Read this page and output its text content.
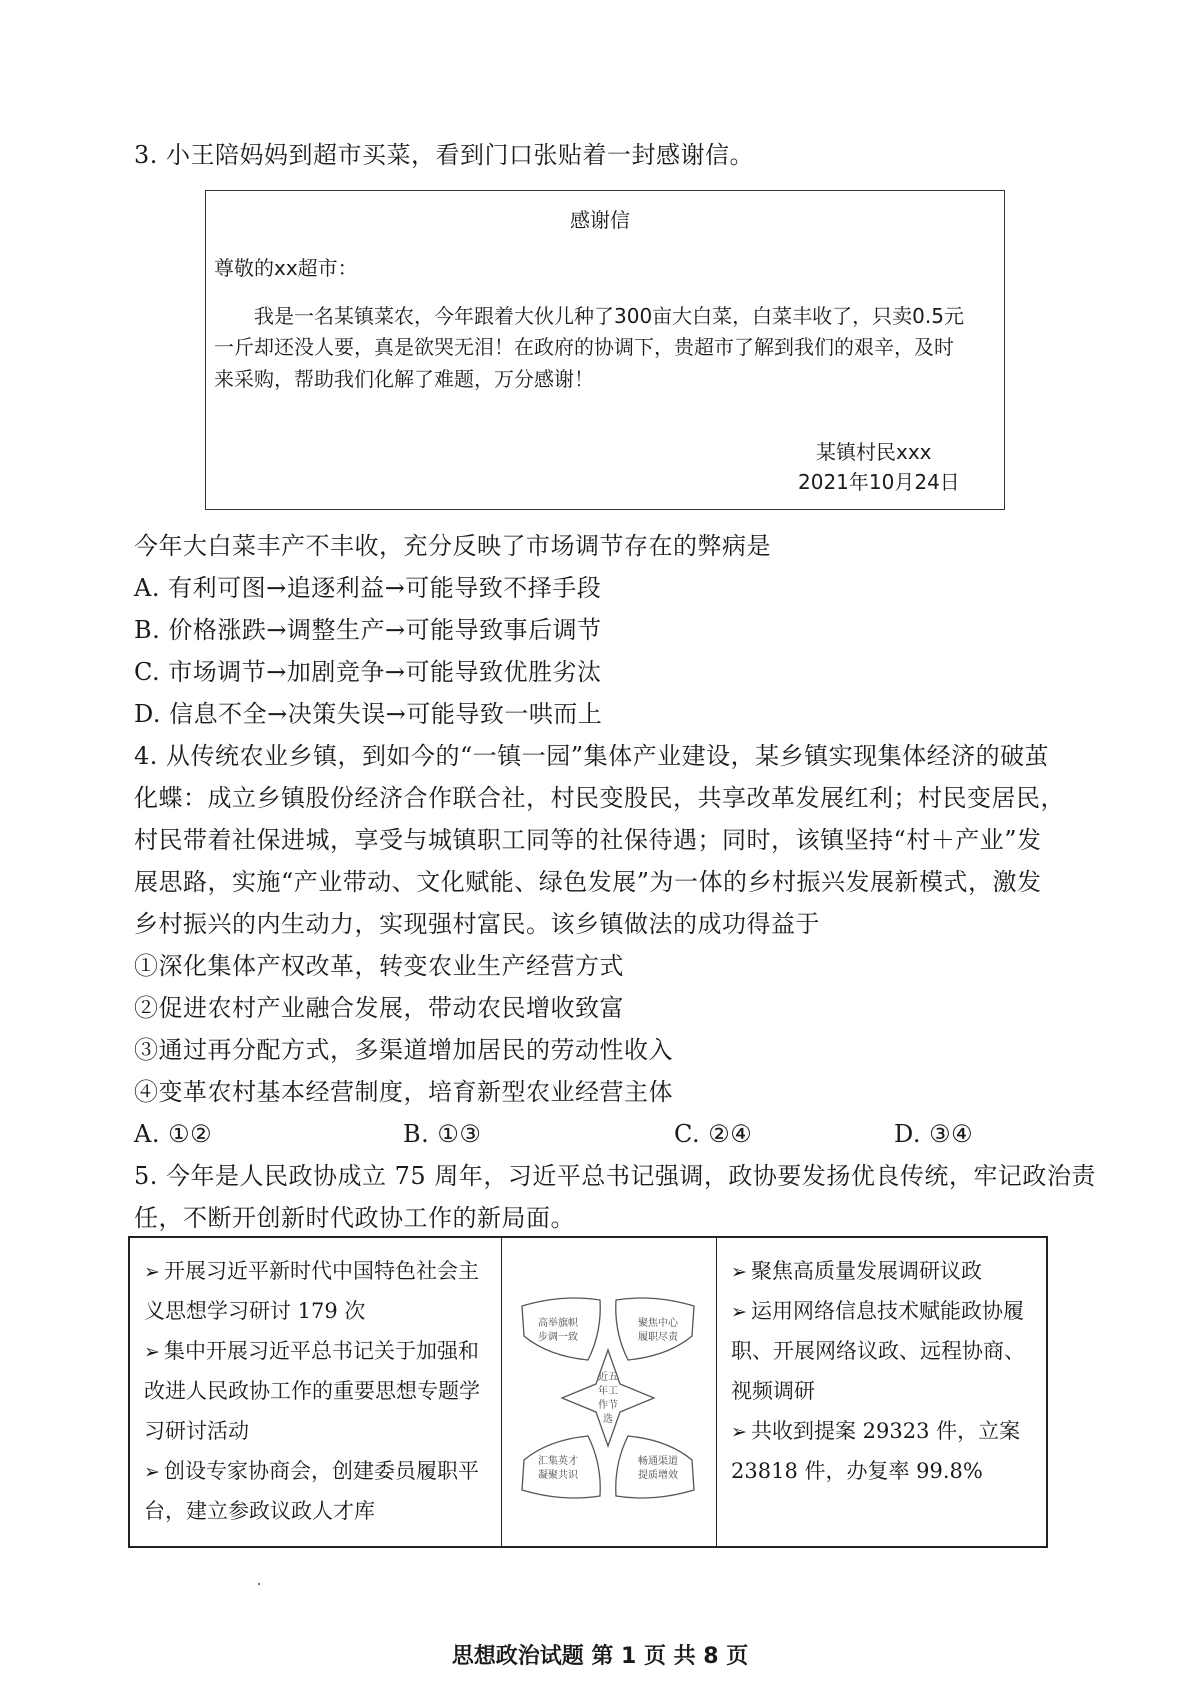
3. 小王陪妈妈到超市买菜，看到门口张贴着一封感谢信。
感谢信
尊敬的xx超市：
我是一名某镇菜农，今年跟着大伙儿种了300亩大白菜，白菜丰收了，只卖0.5元
一斤却还没人要，真是欲哭无泪！在政府的协调下，贵超市了解到我们的艰辛，及时
来采购，帮助我们化解了难题，万分感谢！
某镇村民xxx
2021年10月24日
今年大白菜丰产不丰收，充分反映了市场调节存在的弊病是
A. 有利可图→追逐利益→可能导致不择手段
B. 价格涨跌→调整生产→可能导致事后调节
C. 市场调节→加剧竞争→可能导致优胜劣汰
D. 信息不全→决策失误→可能导致一哄而上
4. 从传统农业乡镇，到如今的“一镇一园”集体产业建设，某乡镇实现集体经济的破茧
化蝶：成立乡镇股份经济合作联合社，村民变股民，共享改革发展红利；村民变居民，
村民带着社保进城，享受与城镇职工同等的社保待遇；同时，该镇坚持“村＋产业”发
展思路，实施“产业带动、文化赋能、绿色发展”为一体的乡村振兴发展新模式，激发
乡村振兴的内生动力，实现强村富民。该乡镇做法的成功得益于
①深化集体产权改革，转变农业生产经营方式
②促进农村产业融合发展，带动农民增收致富
③通过再分配方式，多渠道增加居民的劳动性收入
④变革农村基本经营制度，培育新型农业经营主体
A. ①②	B. ①③	C. ②④	D. ③④
5. 今年是人民政协成立 75 周年，习近平总书记强调，政协要发扬优良传统，牢记政治责
任，不断开创新时代政协工作的新局面。
➢ 开展习近平新时代中国特色社会主
义思想学习研讨 179 次
➢ 集中开展习近平总书记关于加强和
改进人民政协工作的重要思想专题学
习研讨活动
➢ 创设专家协商会，创建委员履职平
台，建立参政议政人才库
高举旗帜
步调一致
聚焦中心
履职尽责
汇集英才
凝聚共识
畅通渠道
提质增效
近五
年工
作节
选
➢ 聚焦高质量发展调研议政
➢ 运用网络信息技术赋能政协履
职、开展网络议政、远程协商、
视频调研
➢ 共收到提案 29323 件，立案
23818 件，办复率 99.8%
思想政治试题 第 1 页 共 8 页
